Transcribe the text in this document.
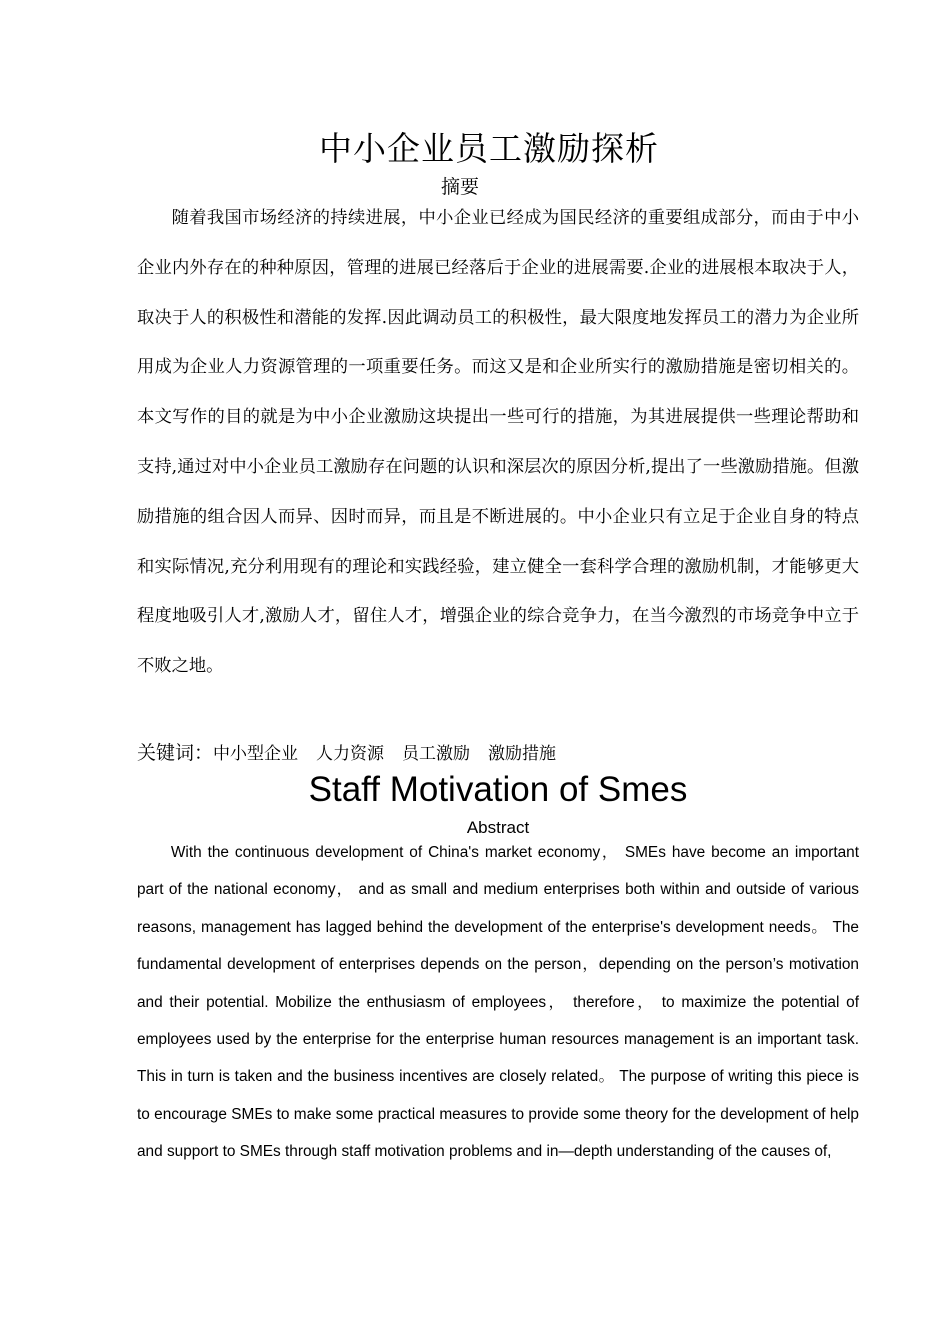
中小企业员工激励探析
摘要

随着我国市场经济的持续进展，中小企业已经成为国民经济的重要组成部分，而由于中小企业内外存在的种种原因，管理的进展已经落后于企业的进展需要.企业的进展根本取决于人，取决于人的积极性和潜能的发挥.因此调动员工的积极性，最大限度地发挥员工的潜力为企业所用成为企业人力资源管理的一项重要任务。而这又是和企业所实行的激励措施是密切相关的。本文写作的目的就是为中小企业激励这块提出一些可行的措施，为其进展提供一些理论帮助和支持,通过对中小企业员工激励存在问题的认识和深层次的原因分析,提出了一些激励措施。但激励措施的组合因人而异、因时而异，而且是不断进展的。中小企业只有立足于企业自身的特点和实际情况,充分利用现有的理论和实践经验，建立健全一套科学合理的激励机制，才能够更大程度地吸引人才,激励人才，留住人才，增强企业的综合竞争力，在当今激烈的市场竞争中立于不败之地。

关键词：中小型企业 人力资源 员工激励 激励措施
Staff Motivation of Smes
Abstract

With the continuous development of China's market economy， SMEs have become an important part of the national economy， and as small and medium enterprises both within and outside of various reasons, management has lagged behind the development of the enterprise's development needs。 The fundamental development of enterprises depends on the person，depending on the person’s motivation and their potential. Mobilize the enthusiasm of employees， therefore， to maximize the potential of employees used by the enterprise for the enterprise human resources management is an important task. This in turn is taken and the business incentives are closely related。 The purpose of writing this piece is to encourage SMEs to make some practical measures to provide some theory for the development of help and support to SMEs through staff motivation problems and in—depth understanding of the causes of,
